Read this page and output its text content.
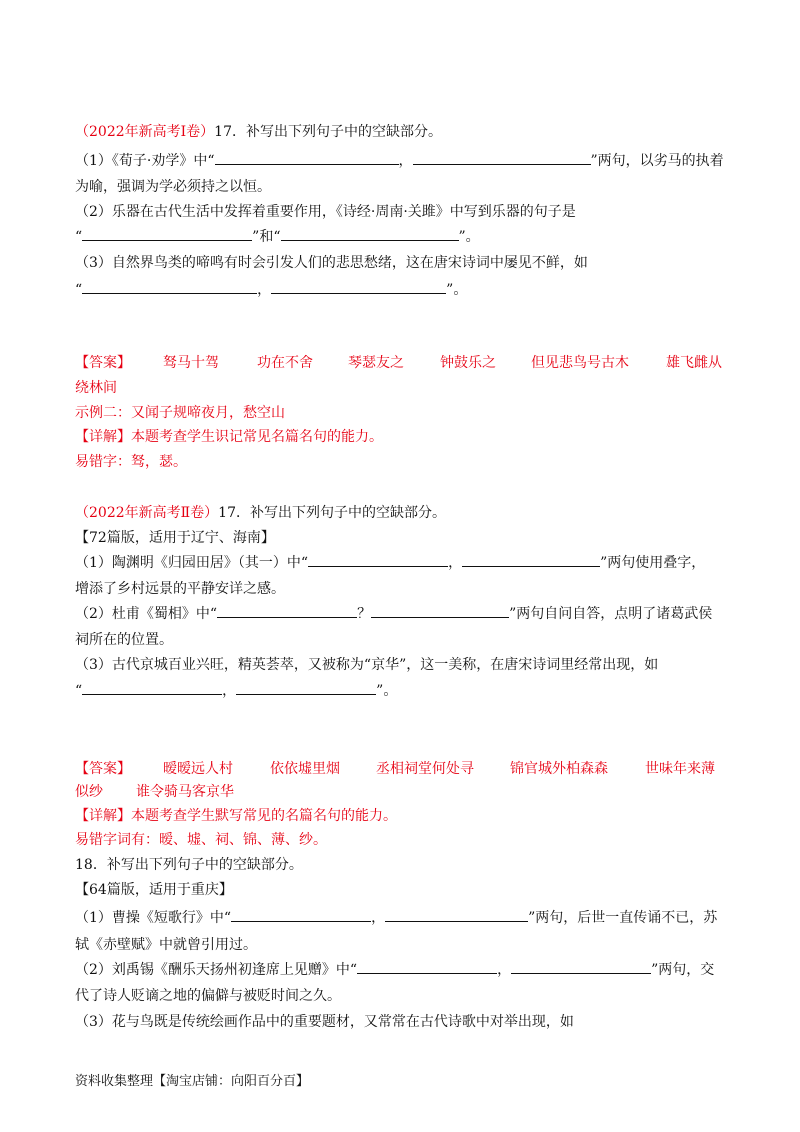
（2022年新高考Ⅰ卷）17．补写出下列句子中的空缺部分。
（1）《荀子·劝学》中“	，	”两句，以劣马的执着
为喻，强调为学必须持之以恒。
（2）乐器在古代生活中发挥着重要作用，《诗经·周南·关雎》中写到乐器的句子是
“	”和“	”。
（3）自然界鸟类的啼鸣有时会引发人们的悲思愁绪，这在唐宋诗词中屡见不鲜，如
“	，	”。
【答案】 驽马十驾	功在不舍	琴瑟友之	钟鼓乐之	但见悲鸟号古木	雄飞雌从
绕林间
示例二：又闻子规啼夜月，愁空山
【详解】本题考查学生识记常见名篇名句的能力。
易错字：驽，瑟。
（2022年新高考Ⅱ卷）17．补写出下列句子中的空缺部分。
【72篇版，适用于辽宁、海南】
（1）陶渊明《归园田居》（其一）中“	，	”两句使用叠字，
增添了乡村远景的平静安详之感。
（2）杜甫《蜀相》中“	？	”两句自问自答，点明了诸葛武侯
祠所在的位置。
（3）古代京城百业兴旺，精英荟萃，又被称为“京华”，这一美称，在唐宋诗词里经常出现，如
“	，	”。
【答案】 暧暧远人村	依依墟里烟	丞相祠堂何处寻	锦官城外柏森森	世味年来薄
似纱 谁令骑马客京华
【详解】本题考查学生默写常见的名篇名句的能力。
易错字词有：暧、墟、祠、锦、薄、纱。
18．补写出下列句子中的空缺部分。
【64篇版，适用于重庆】
（1）曹操《短歌行》中“	，	”两句，后世一直传诵不已，苏
轼《赤壁赋》中就曾引用过。
（2）刘禹锡《酬乐天扬州初逢席上见赠》中“	，	”两句，交
代了诗人贬谪之地的偏僻与被贬时间之久。
（3）花与鸟既是传统绘画作品中的重要题材，又常常在古代诗歌中对举出现，如
资料收集整理【淘宝店铺：向阳百分百】
